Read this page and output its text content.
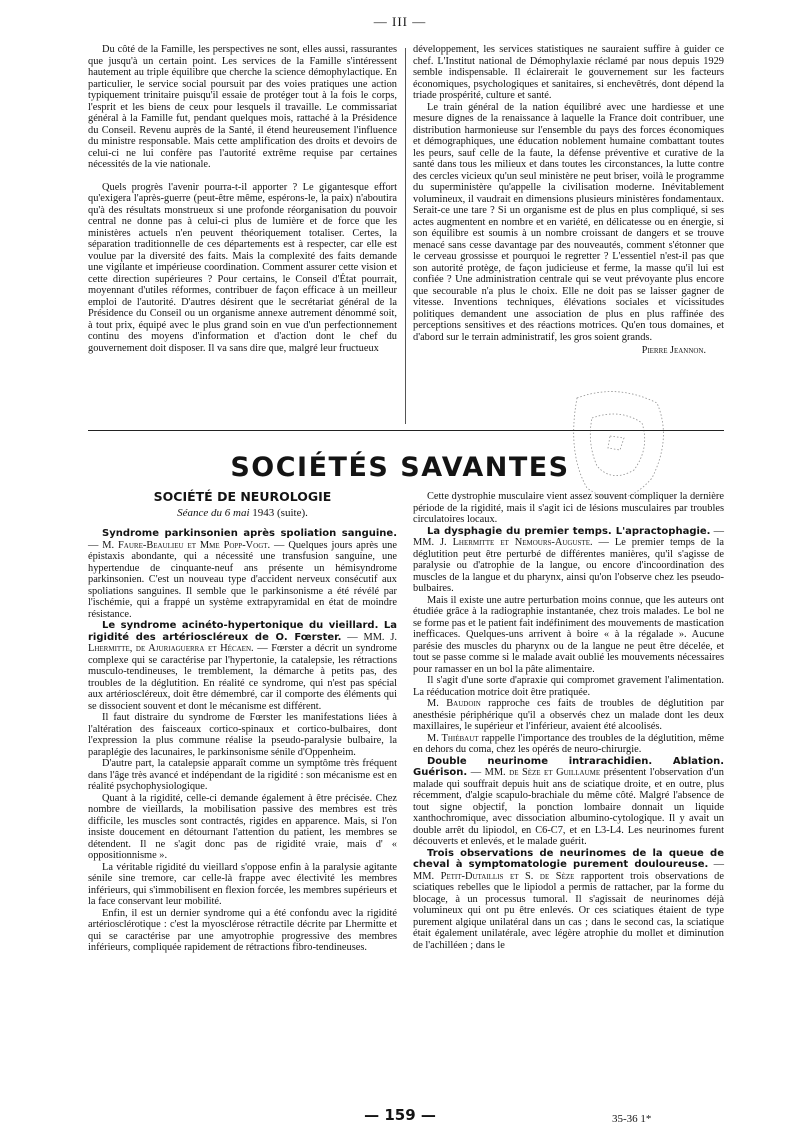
— III —

Du côté de la Famille, les perspectives ne sont, elles aussi, rassurantes que jusqu'à un certain point. Les services de la Famille s'intéressent hautement au triple équilibre que cherche la science démophylactique. En particulier, le service social poursuit par des voies pratiques une action typiquement trinitaire puisqu'il essaie de protéger tout à la fois le corps, l'esprit et les biens de ceux pour lesquels il travaille. Le commissariat général à la Famille fut, pendant quelques mois, rattaché à la Présidence du Conseil. Revenu auprès de la Santé, il étend heureusement l'influence du ministre responsable. Mais cette amplification des droits et devoirs de celui-ci ne lui confère pas l'autorité extrême requise par certaines nécessités de la vie nationale.

Quels progrès l'avenir pourra-t-il apporter ? Le gigantesque effort qu'exigera l'après-guerre (peut-être même, espérons-le, la paix) n'aboutira qu'à des résultats monstrueux si une profonde réorganisation du pouvoir central ne donne pas à celui-ci plus de lumière et de force que les ministères actuels n'en peuvent théoriquement totaliser. Certes, la séparation traditionnelle de ces départements est à respecter, car elle est voulue par la diversité des faits. Mais la complexité des faits demande une vigilante et impérieuse coordination. Comment assurer cette vision et cette direction supérieures ? Pour certains, le Conseil d'État pourrait, moyennant d'utiles réformes, contribuer de façon efficace à un meilleur emploi de l'autorité. D'autres désirent que le secrétariat général de la Présidence du Conseil ou un organisme annexe autrement dénommé soit, à tout prix, équipé avec le plus grand soin en vue d'un perfectionnement continu des moyens d'information et d'action dont le chef du gouvernement doit disposer. Il va sans dire que, malgré leur fructueux

développement, les services statistiques ne sauraient suffire à guider ce chef. L'Institut national de Démophylaxie réclamé par nous depuis 1929 semble indispensable. Il éclairerait le gouvernement sur les facteurs économiques, psychologiques et sanitaires, si enchevêtrés, dont dépend la triade prospérité, culture et santé.

Le train général de la nation équilibré avec une hardiesse et une mesure dignes de la renaissance à laquelle la France doit contribuer, une distribution harmonieuse sur l'ensemble du pays des forces économiques et démographiques, une éducation noblement humaine combattant toutes les peurs, sauf celle de la faute, la défense préventive et curative de la santé dans tous les milieux et dans toutes les circonstances, la lutte contre des cercles vicieux qu'un seul ministère ne peut briser, voilà le programme du superministère qu'appelle la civilisation moderne. Inévitablement volumineux, il vaudrait en dimensions plusieurs ministères fondamentaux. Serait-ce une tare ? Si un organisme est de plus en plus compliqué, si ses actes augmentent en nombre et en variété, en délicatesse ou en énergie, si son équilibre est soumis à un nombre croissant de dangers et se trouve menacé sans cesse davantage par des nouveautés, comment s'étonner que le cerveau grossisse et pourquoi le regretter ? L'essentiel n'est-il pas que son autorité protège, de façon judicieuse et ferme, la masse qu'il lui est confiée ? Une administration centrale qui se veut prévoyante plus encore que secourable n'a plus le choix. Elle ne doit pas se laisser gagner de vitesse. Inventions techniques, élévations sociales et vicissitudes politiques demandent une association de plus en plus raffinée des perceptions sensitives et des réactions motrices. Qu'en tous domaines, et d'abord sur le terrain administratif, les gros soient grands.

Pierre Jeannon.
SOCIÉTÉS SAVANTES
SOCIÉTÉ DE NEUROLOGIE
Séance du 6 mai 1943 (suite).

Syndrome parkinsonien après spoliation sanguine. — M. Faure-Beaulieu et Mme Popp-Vogt. — Quelques jours après une épistaxis abondante, qui a nécessité une transfusion sanguine, une hypertendue de cinquante-neuf ans présente un hémisyndrome parkinsonien. C'est un nouveau type d'accident nerveux consécutif aux spoliations sanguines. Il semble que le parkinsonisme a été révélé par l'ischémie, qui a frappé un système extrapyramidal en état de moindre résistance.

Le syndrome acinéto-hypertonique du vieillard. La rigidité des artérioscléreux de O. Fœrster. — MM. J. Lhermitte, de Ajuriaguerra et Hécaen. — Fœrster a décrit un syndrome complexe qui se caractérise par l'hypertonie, la catalepsie, les rétractions musculo-tendineuses, le tremblement, la démarche à petits pas, des troubles de la déglutition. En réalité ce syndrome, qui n'est pas spécial aux artérioscléreux, doit être démembré, car il comporte des éléments qui se dissocient souvent et dont le mécanisme est différent.

Il faut distraire du syndrome de Fœrster les manifestations liées à l'altération des faisceaux cortico-spinaux et cortico-bulbaires, dont l'expression la plus commune réalise la pseudo-paralysie bulbaire, la paraplégie des lacunaires, le parkinsonisme sénile d'Oppenheim.

D'autre part, la catalepsie apparaît comme un symptôme très fréquent dans l'âge très avancé et indépendant de la rigidité : son mécanisme est en réalité psychophysiologique.

Quant à la rigidité, celle-ci demande également à être précisée. Chez nombre de vieillards, la mobilisation passive des membres est très difficile, les muscles sont contractés, rigides en apparence. Mais, si l'on insiste doucement en détournant l'attention du patient, les membres se détendent. Il ne s'agit donc pas de rigidité vraie, mais d' « oppositionnisme ».

La véritable rigidité du vieillard s'oppose enfin à la paralysie agitante sénile sine tremore, car celle-là frappe avec électivité les membres inférieurs, qui s'immobilisent en flexion forcée, les membres supérieurs et la face conservant leur mobilité.

Enfin, il est un dernier syndrome qui a été confondu avec la rigidité artériosclérotique : c'est la myosclérose rétractile décrite par Lhermitte et qui se caractérise par une amyotrophie progressive des membres inférieurs, compliquée rapidement de rétractions fibro-tendineuses.

Cette dystrophie musculaire vient assez souvent compliquer la dernière période de la rigidité, mais il s'agit ici de lésions musculaires par troubles circulatoires locaux.

La dysphagie du premier temps. L'apractophagie. — MM. J. Lhermitte et Nemours-Auguste. — Le premier temps de la déglutition peut être perturbé de différentes manières, qu'il s'agisse de paralysie ou d'atrophie de la langue, ou encore d'incoordination des muscles de la langue et du pharynx, ainsi qu'on l'observe chez les pseudo-bulbaires.

Mais il existe une autre perturbation moins connue, que les auteurs ont étudiée grâce à la radiographie instantanée, chez trois malades. Le bol ne se forme pas et le patient fait indéfiniment des mouvements de mastication inefficaces. Quelques-uns arrivent à boire « à la régalade ». Aucune parésie des muscles du pharynx ou de la langue ne peut être décelée, et tout se passe comme si le malade avait oublié les mouvements nécessaires pour ramasser en un bol la pâte alimentaire.

Il s'agit d'une sorte d'apraxie qui compromet gravement l'alimentation. La rééducation motrice doit être pratiquée.

M. Baudoin rapproche ces faits de troubles de déglutition par anesthésie périphérique qu'il a observés chez un malade dont les deux maxillaires, le supérieur et l'inférieur, avaient été alcoolisés.

M. Thiébaut rappelle l'importance des troubles de la déglutition, même en dehors du coma, chez les opérés de neuro-chirurgie.

Double neurinome intrarachidien. Ablation. Guérison. — MM. de Sèze et Guillaume présentent l'observation d'un malade qui souffrait depuis huit ans de sciatique droite, et en outre, plus récemment, d'algie scapulo-brachiale du même côté. Malgré l'absence de tout signe objectif, la ponction lombaire donnait un liquide xanthochromique, avec dissociation albumino-cytologique. Il y avait un double arrêt du lipiodol, en C6-C7, et en L3-L4. Les neurinomes furent découverts et enlevés, et le malade guérit.

Trois observations de neurinomes de la queue de cheval à symptomatologie purement douloureuse. — MM. Petit-Dutaillis et S. de Sèze rapportent trois observations de sciatiques rebelles que le lipiodol a permis de rattacher, par la forme du blocage, à un processus tumoral. Il s'agissait de neurinomes déjà volumineux qui ont pu être enlevés. Or ces sciatiques étaient de type purement algique unilatéral dans un cas ; dans le second cas, la sciatique était également unilatérale, avec légère atrophie du mollet et diminution de l'achilléen ; dans le

— 159 —	35-36 1*
